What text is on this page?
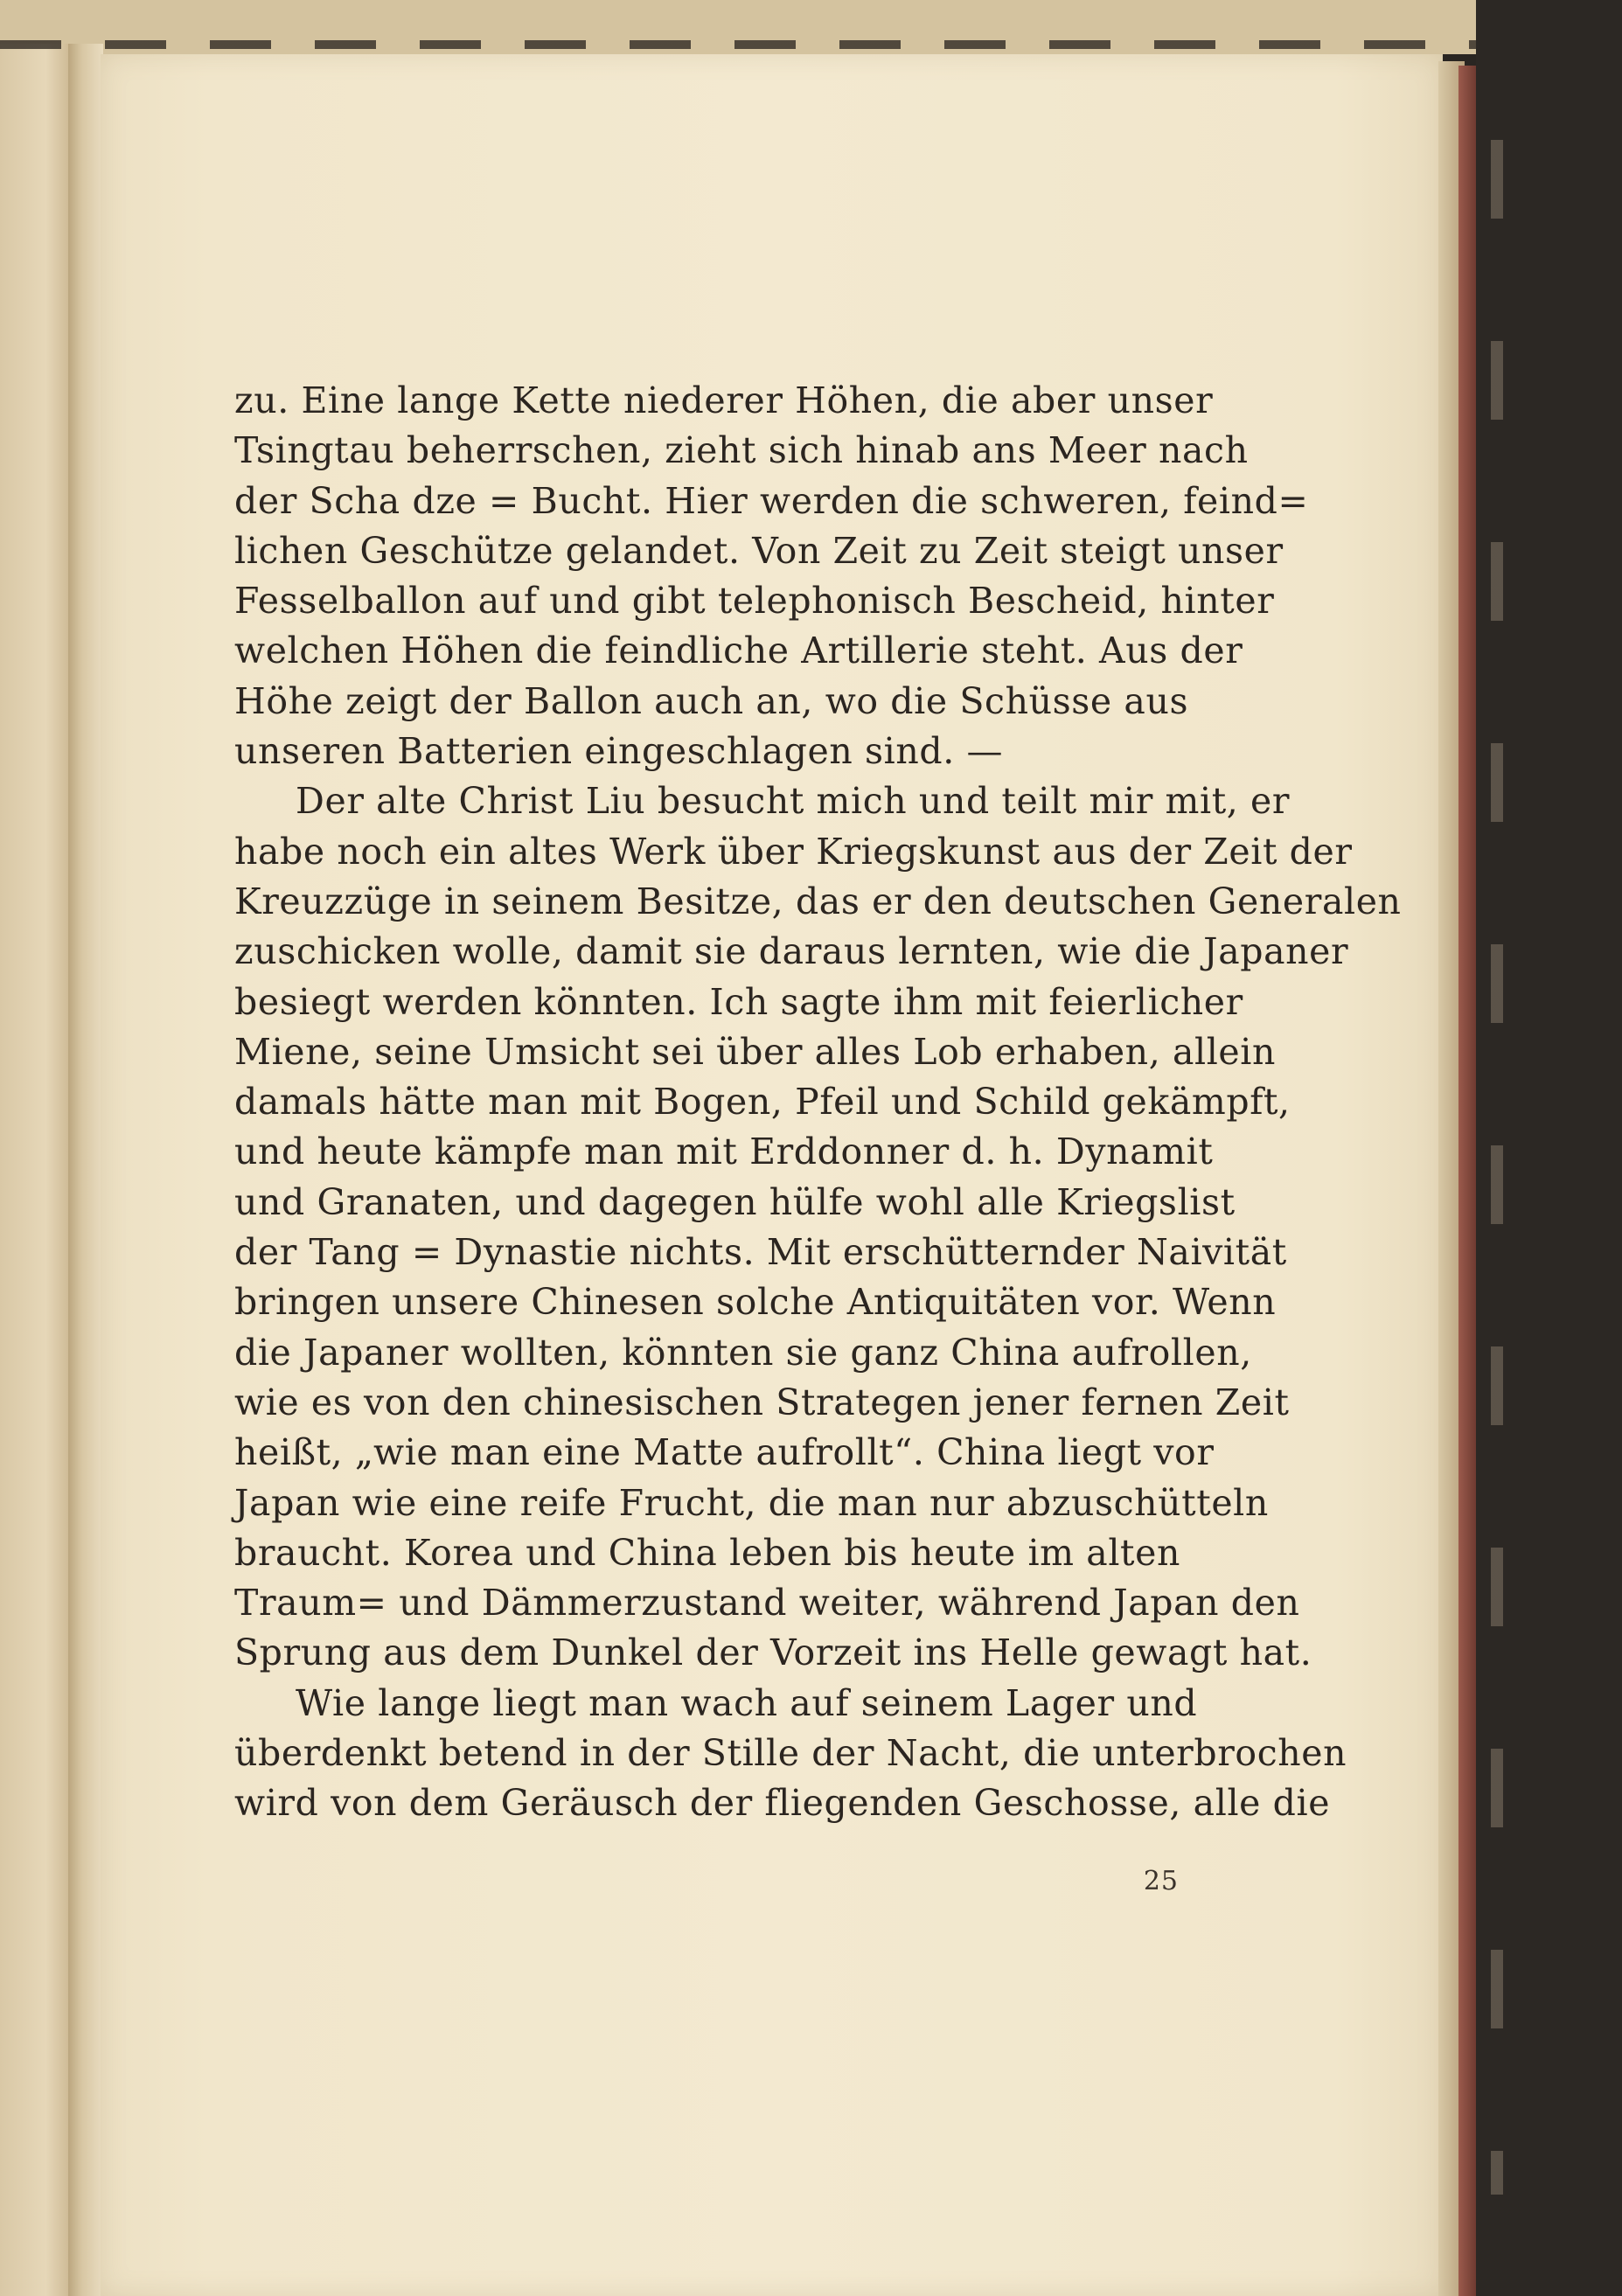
zu. Eine lange Kette niederer Höhen, die aber unser
Tsingtau beherrschen, zieht sich hinab ans Meer nach
der Scha dze = Bucht. Hier werden die schweren, feind=
lichen Geschütze gelandet. Von Zeit zu Zeit steigt unser
Fesselballon auf und gibt telephonisch Bescheid, hinter
welchen Höhen die feindliche Artillerie steht. Aus der
Höhe zeigt der Ballon auch an, wo die Schüsse aus
unseren Batterien eingeschlagen sind. —
Der alte Christ Liu besucht mich und teilt mir mit, er
habe noch ein altes Werk über Kriegskunst aus der Zeit der
Kreuzzüge in seinem Besitze, das er den deutschen Generalen
zuschicken wolle, damit sie daraus lernten, wie die Japaner
besiegt werden könnten. Ich sagte ihm mit feierlicher
Miene, seine Umsicht sei über alles Lob erhaben, allein
damals hätte man mit Bogen, Pfeil und Schild gekämpft,
und heute kämpfe man mit Erddonner d. h. Dynamit
und Granaten, und dagegen hülfe wohl alle Kriegslist
der Tang = Dynastie nichts. Mit erschütternder Naivität
bringen unsere Chinesen solche Antiquitäten vor. Wenn
die Japaner wollten, könnten sie ganz China aufrollen,
wie es von den chinesischen Strategen jener fernen Zeit
heißt, „wie man eine Matte aufrollt“. China liegt vor
Japan wie eine reife Frucht, die man nur abzuschütteln
braucht. Korea und China leben bis heute im alten
Traum= und Dämmerzustand weiter, während Japan den
Sprung aus dem Dunkel der Vorzeit ins Helle gewagt hat.
Wie lange liegt man wach auf seinem Lager und
überdenkt betend in der Stille der Nacht, die unterbrochen
wird von dem Geräusch der fliegenden Geschosse, alle die
25
